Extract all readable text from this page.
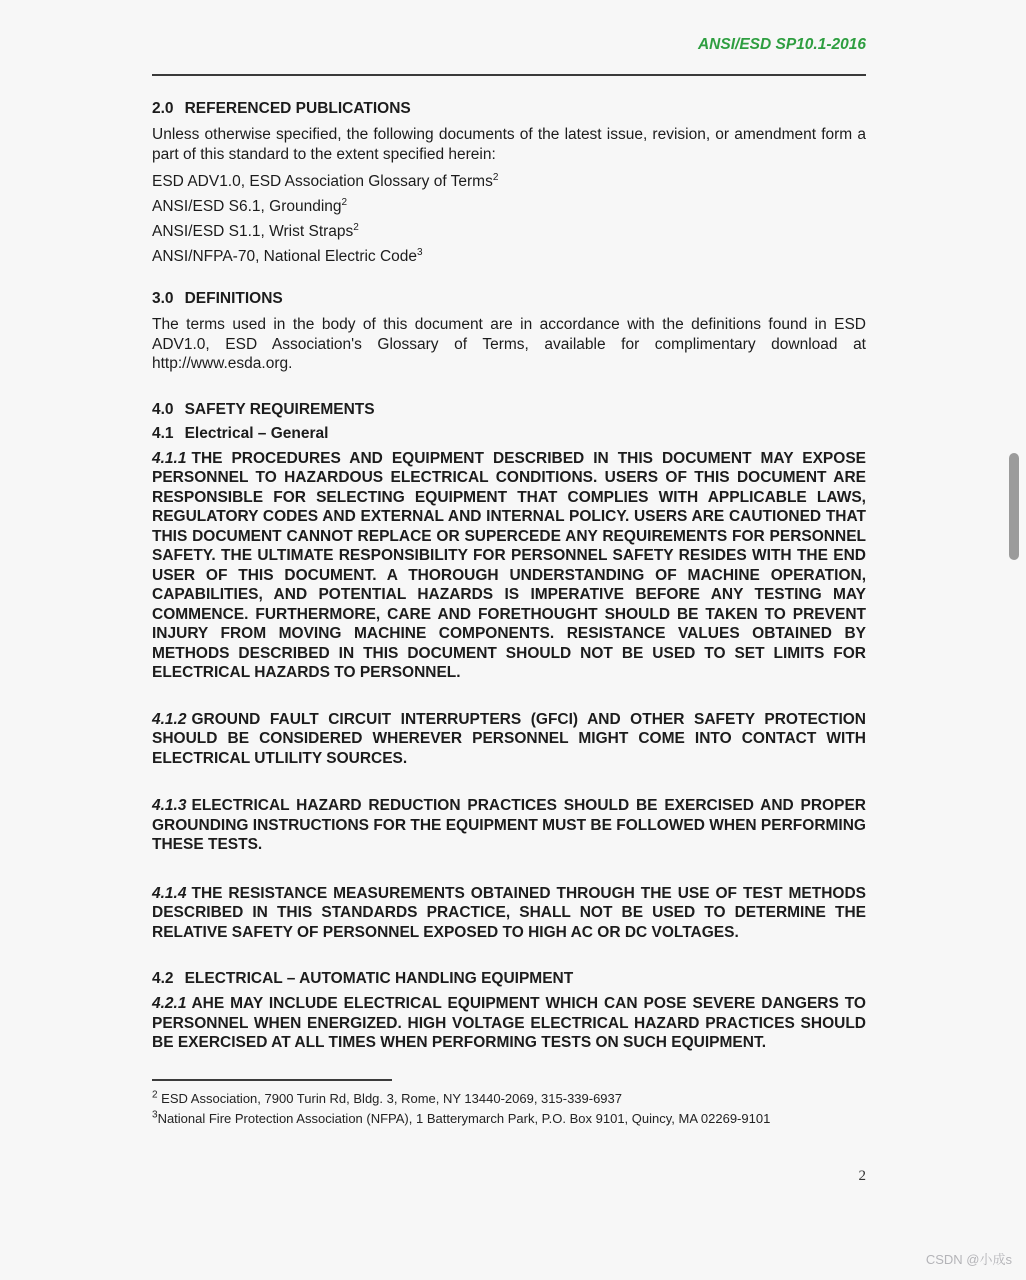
ANSI/ESD SP10.1-2016
2.0 REFERENCED PUBLICATIONS

Unless otherwise specified, the following documents of the latest issue, revision, or amendment form a part of this standard to the extent specified herein:

ESD ADV1.0, ESD Association Glossary of Terms$^2$
ANSI/ESD S6.1, Grounding$^2$
ANSI/ESD S1.1, Wrist Straps$^2$
ANSI/NFPA-70, National Electric Code$^3$
3.0 DEFINITIONS

The terms used in the body of this document are in accordance with the definitions found in ESD ADV1.0, ESD Association's Glossary of Terms, available for complimentary download at http://www.esda.org.

4.0 SAFETY REQUIREMENTS
4.1 Electrical – General

4.1.1 THE PROCEDURES AND EQUIPMENT DESCRIBED IN THIS DOCUMENT MAY EXPOSE PERSONNEL TO HAZARDOUS ELECTRICAL CONDITIONS. USERS OF THIS DOCUMENT ARE RESPONSIBLE FOR SELECTING EQUIPMENT THAT COMPLIES WITH APPLICABLE LAWS, REGULATORY CODES AND EXTERNAL AND INTERNAL POLICY. USERS ARE CAUTIONED THAT THIS DOCUMENT CANNOT REPLACE OR SUPERCEDE ANY REQUIREMENTS FOR PERSONNEL SAFETY. THE ULTIMATE RESPONSIBILITY FOR PERSONNEL SAFETY RESIDES WITH THE END USER OF THIS DOCUMENT. A THOROUGH UNDERSTANDING OF MACHINE OPERATION, CAPABILITIES, AND POTENTIAL HAZARDS IS IMPERATIVE BEFORE ANY TESTING MAY COMMENCE. FURTHERMORE, CARE AND FORETHOUGHT SHOULD BE TAKEN TO PREVENT INJURY FROM MOVING MACHINE COMPONENTS. RESISTANCE VALUES OBTAINED BY METHODS DESCRIBED IN THIS DOCUMENT SHOULD NOT BE USED TO SET LIMITS FOR ELECTRICAL HAZARDS TO PERSONNEL.

4.1.2 GROUND FAULT CIRCUIT INTERRUPTERS (GFCI) AND OTHER SAFETY PROTECTION SHOULD BE CONSIDERED WHEREVER PERSONNEL MIGHT COME INTO CONTACT WITH ELECTRICAL UTLILITY SOURCES.

4.1.3 ELECTRICAL HAZARD REDUCTION PRACTICES SHOULD BE EXERCISED AND PROPER GROUNDING INSTRUCTIONS FOR THE EQUIPMENT MUST BE FOLLOWED WHEN PERFORMING THESE TESTS.

4.1.4 THE RESISTANCE MEASUREMENTS OBTAINED THROUGH THE USE OF TEST METHODS DESCRIBED IN THIS STANDARDS PRACTICE, SHALL NOT BE USED TO DETERMINE THE RELATIVE SAFETY OF PERSONNEL EXPOSED TO HIGH AC OR DC VOLTAGES.

4.2 ELECTRICAL – AUTOMATIC HANDLING EQUIPMENT

4.2.1 AHE MAY INCLUDE ELECTRICAL EQUIPMENT WHICH CAN POSE SEVERE DANGERS TO PERSONNEL WHEN ENERGIZED. HIGH VOLTAGE ELECTRICAL HAZARD PRACTICES SHOULD BE EXERCISED AT ALL TIMES WHEN PERFORMING TESTS ON SUCH EQUIPMENT.

$^2$ ESD Association, 7900 Turin Rd, Bldg. 3, Rome, NY 13440-2069, 315-339-6937
$^3$National Fire Protection Association (NFPA), 1 Batterymarch Park, P.O. Box 9101, Quincy, MA 02269-9101
2
CSDN @小成s
